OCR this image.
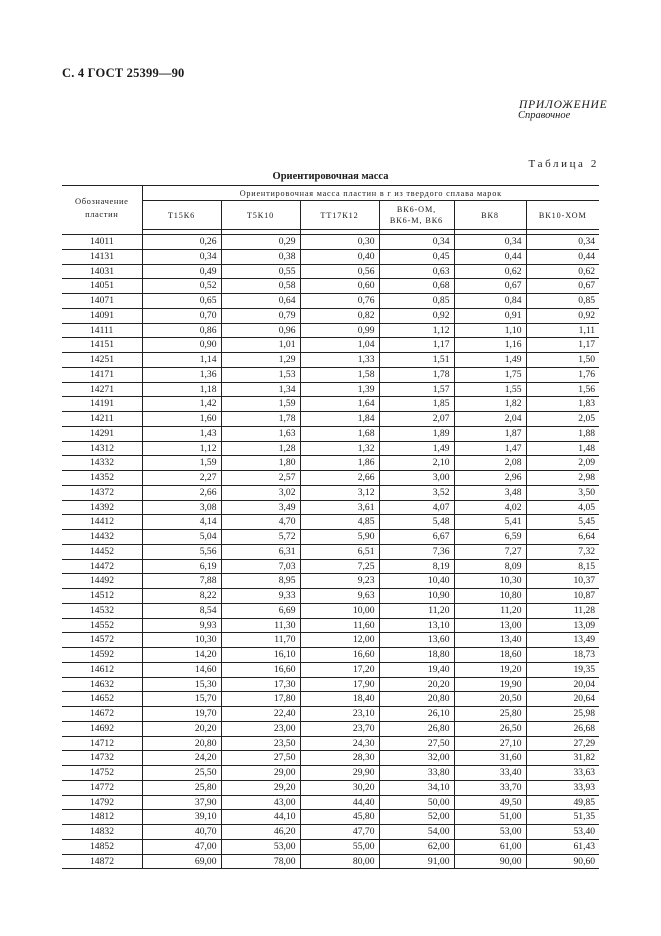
С. 4 ГОСТ 25399—90
ПРИЛОЖЕНИЕ
Справочное
Таблица 2
Ориентировочная масса
Обозначение
пластин	Ориентировочная масса пластин в г из твердого сплава марок					
	Т15К6	Т5К10	ТТ17К12	ВК6-ОМ,
ВК6-М, ВК6	ВК8	ВК10-ХОМ

14011	0,26	0,29	0,30	0,34	0,34	0,34
14131	0,34	0,38	0,40	0,45	0,44	0,44
14031	0,49	0,55	0,56	0,63	0,62	0,62
14051	0,52	0,58	0,60	0,68	0,67	0,67
14071	0,65	0,64	0,76	0,85	0,84	0,85
14091	0,70	0,79	0,82	0,92	0,91	0,92
14111	0,86	0,96	0,99	1,12	1,10	1,11
14151	0,90	1,01	1,04	1,17	1,16	1,17
14251	1,14	1,29	1,33	1,51	1,49	1,50
14171	1,36	1,53	1,58	1,78	1,75	1,76
14271	1,18	1,34	1,39	1,57	1,55	1,56
14191	1,42	1,59	1,64	1,85	1,82	1,83
14211	1,60	1,78	1,84	2,07	2,04	2,05
14291	1,43	1,63	1,68	1,89	1,87	1,88
14312	1,12	1,28	1,32	1,49	1,47	1,48
14332	1,59	1,80	1,86	2,10	2,08	2,09
14352	2,27	2,57	2,66	3,00	2,96	2,98
14372	2,66	3,02	3,12	3,52	3,48	3,50
14392	3,08	3,49	3,61	4,07	4,02	4,05
14412	4,14	4,70	4,85	5,48	5,41	5,45
14432	5,04	5,72	5,90	6,67	6,59	6,64
14452	5,56	6,31	6,51	7,36	7,27	7,32
14472	6,19	7,03	7,25	8,19	8,09	8,15
14492	7,88	8,95	9,23	10,40	10,30	10,37
14512	8,22	9,33	9,63	10,90	10,80	10,87
14532	8,54	6,69	10,00	11,20	11,20	11,28
14552	9,93	11,30	11,60	13,10	13,00	13,09
14572	10,30	11,70	12,00	13,60	13,40	13,49
14592	14,20	16,10	16,60	18,80	18,60	18,73
14612	14,60	16,60	17,20	19,40	19,20	19,35
14632	15,30	17,30	17,90	20,20	19,90	20,04
14652	15,70	17,80	18,40	20,80	20,50	20,64
14672	19,70	22,40	23,10	26,10	25,80	25,98
14692	20,20	23,00	23,70	26,80	26,50	26,68
14712	20,80	23,50	24,30	27,50	27,10	27,29
14732	24,20	27,50	28,30	32,00	31,60	31,82
14752	25,50	29,00	29,90	33,80	33,40	33,63
14772	25,80	29,20	30,20	34,10	33,70	33,93
14792	37,90	43,00	44,40	50,00	49,50	49,85
14812	39,10	44,10	45,80	52,00	51,00	51,35
14832	40,70	46,20	47,70	54,00	53,00	53,40
14852	47,00	53,00	55,00	62,00	61,00	61,43
14872	69,00	78,00	80,00	91,00	90,00	90,60
